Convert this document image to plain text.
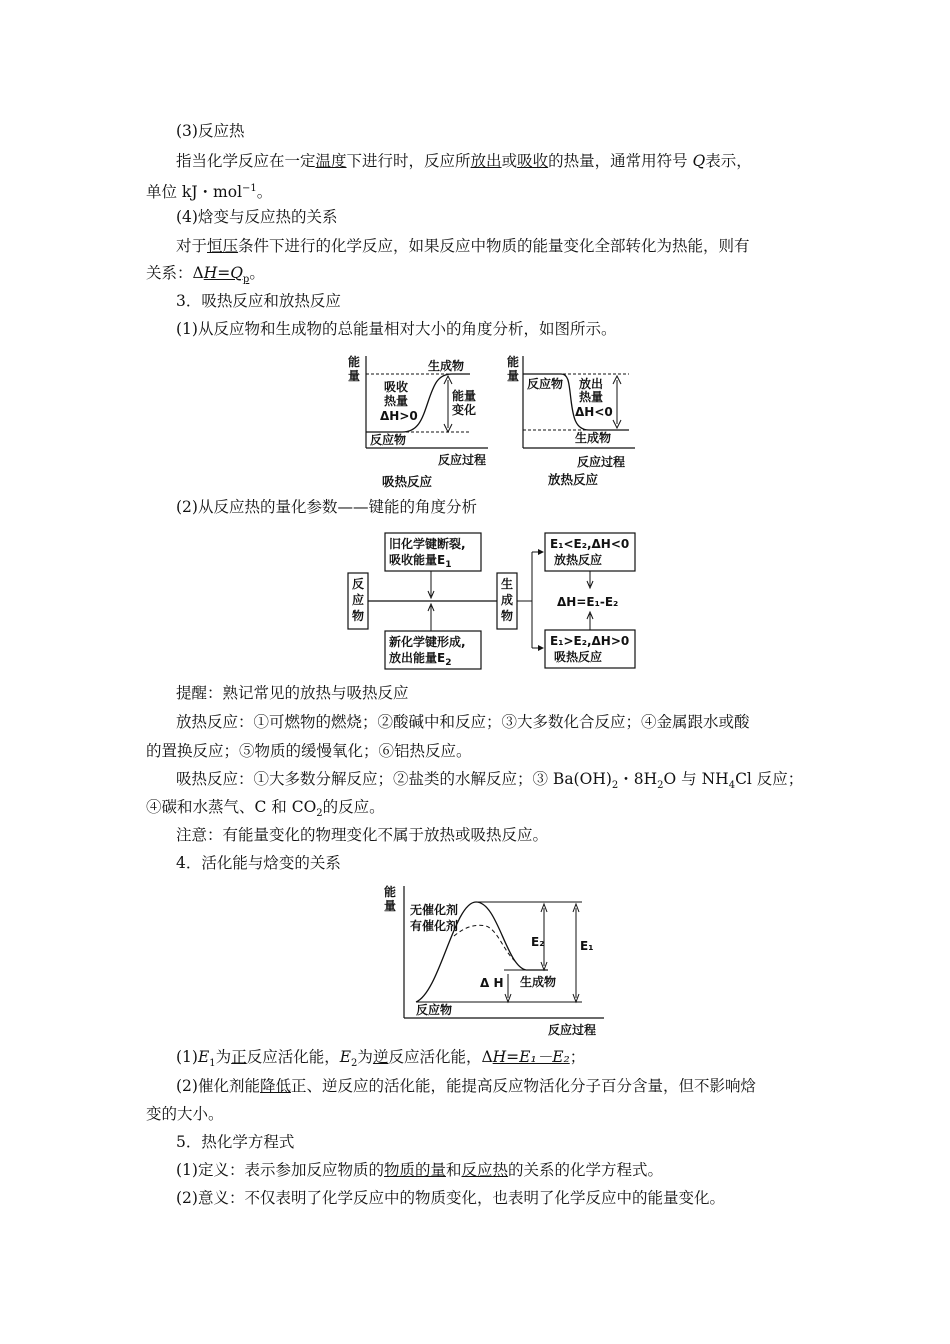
(3)反应热
指当化学反应在一定温度下进行时，反应所放出或吸收的热量，通常用符号 Q表示，
单位 kJ・mol$^{-1}$。
(4)焓变与反应热的关系
对于恒压条件下进行的化学反应，如果反应中物质的能量变化全部转化为热能，则有
关系：$\Delta H=Q_p$。
3．吸热反应和放热反应
(1)从反应物和生成物的总能量相对大小的角度分析，如图所示。
能
量
生成物
反应物
吸收
热量
ΔH>0
能量
变化
反应过程
吸热反应
能
量
反应物
生成物
放出
热量
ΔH<0
反应过程
放热反应
(2)从反应热的量化参数——键能的角度分析
反
应
物
生
成
物
旧化学键断裂,
吸收能量$E_1$
新化学键形成,
放出能量$E_2$
E₁<E₂,ΔH<0
放热反应
E₁>E₂,ΔH>0
吸热反应
ΔH=E₁-E₂
提醒：熟记常见的放热与吸热反应
放热反应：①可燃物的燃烧；②酸碱中和反应；③大多数化合反应；④金属跟水或酸
的置换反应；⑤物质的缓慢氧化；⑥铝热反应。
吸热反应：①大多数分解反应；②盐类的水解反应；③ $Ba(OH)_2$・$8H_2O$ 与 $NH_4Cl$ 反应；
④碳和水蒸气、C 和 $CO_2$的反应。
注意：有能量变化的物理变化不属于放热或吸热反应。
4．活化能与焓变的关系
能
量 无催化剂
有催化剂
E₂	E₁
Δ H 生成物
反应物
反应过程
$(1)E_1$为正反应活化能，$E_2$为逆反应活化能，ΔH=E₁－E₂；
(2)催化剂能降低正、逆反应的活化能，能提高反应物活化分子百分含量，但不影响焓
变的大小。
5．热化学方程式
(1)定义：表示参加反应物质的物质的量和反应热的关系的化学方程式。
(2)意义：不仅表明了化学反应中的物质变化，也表明了化学反应中的能量变化。
